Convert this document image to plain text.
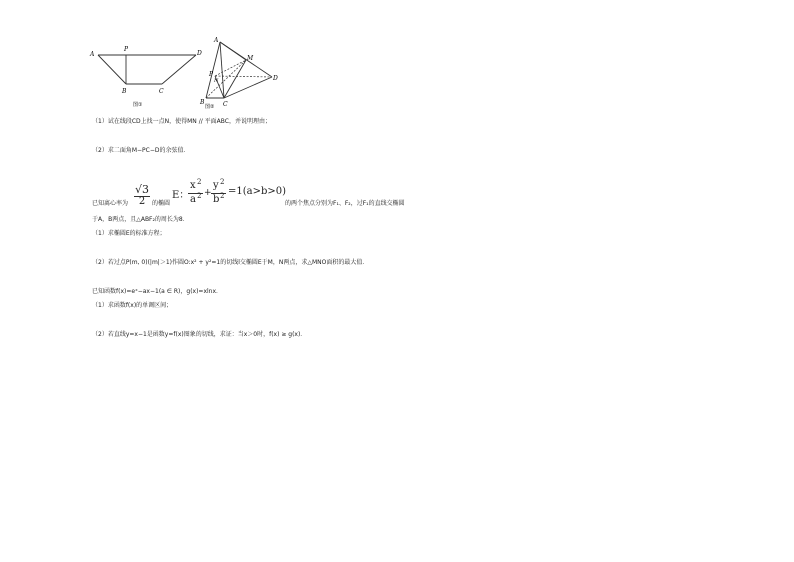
A
P
D
B	C
图①
A
M
P
N	D
B	C
图②
（1）试在线段CD上找一点N，使得MN // 平面ABC，并说明理由；
（2）求二面角M−PC−D的余弦值．
已知离心率为
√3
2	的椭圆
E：
x 2
a 2 +
y 2
b 2 =1(a>b>0)
的两个焦点分别为F₁、F₂，过F₁的直线交椭圆
于A，B两点，且△ABF₂的周长为8．
（1）求椭圆E的标准方程；
（2）若过点P(m, 0)(|m|＞1)作圆O:x² + y²=1的切线l交椭圆E于M，N两点，求△MNO面积的最大值．
已知函数f(x)=eˣ−ax−1(a ∈ R)，g(x)=xlnx．
（1）求函数f(x)的单调区间；
（2）若直线y=x−1是函数y=f(x)图象的切线，求证：当x＞0时，f(x) ≥ g(x)．
